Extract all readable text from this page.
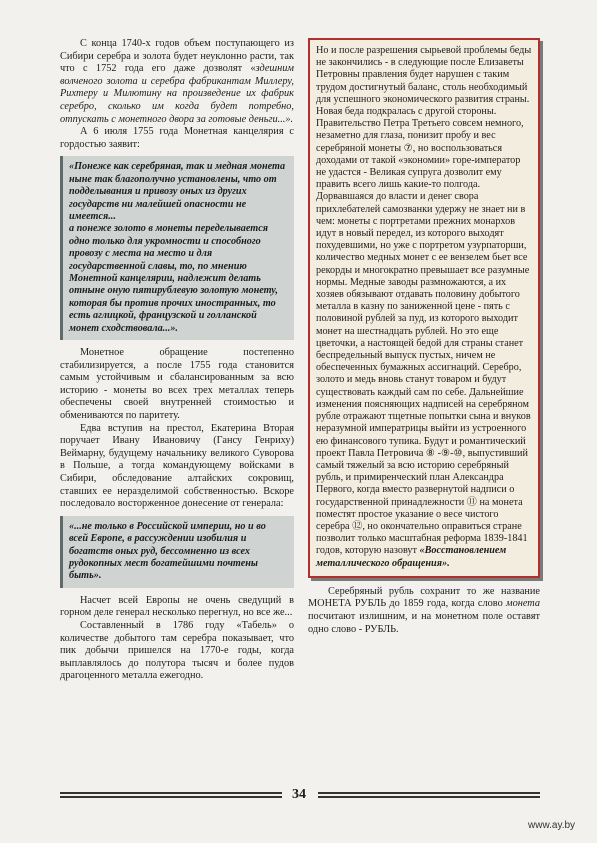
С конца 1740-х годов объем поступающего из Сибири серебра и золота будет неуклонно расти, так что с 1752 года его даже дозволят «здешним волченого золота и серебра фабрикантам Миллеру, Рихтеру и Милютину на произведение их фабрик серебро, сколько им когда будет потребно, отпускать с монетного двора за готовые деньги...».

А 6 июля 1755 года Монетная канцелярия с гордостью заявит:

«Понеже как серебряная, так и медная монета ныне так благополучно установлены, что от подделывания и привозу оных из других государств ни малейшей опасности не имеется...

а понеже золото в монеты переделывается одно только для укромности и способного провозу с места на место и для государственной славы, то, по мнению Монетной канцелярии, надлежит делать отныне оную пятирублевую золотую монету, которая бы против прочих иностранных, то есть аглицкой, французской и голланской монет сходствовала...».

Монетное обращение постепенно стабилизируется, а после 1755 года становится самым устойчивым и сбалансированным за всю историю - монеты во всех трех металлах теперь обеспечены своей внутренней стоимостью и обмениваются по паритету.

Едва вступив на престол, Екатерина Вторая поручает Ивану Ивановичу (Гансу Генриху) Веймарну, будущему начальнику великого Суворова в Польше, а тогда командующему войсками в Сибири, обследование алтайских сокровищ, ставших ее неразделимой собственностью. Вскоре последовало восторженное донесение от генерала:

«...не только в Российской империи, но и во всей Европе, в рассуждении изобилия и богатств оных руд, бессомненно из всех рудокопных мест богатейшими почтены быть».

Насчет всей Европы не очень сведущий в горном деле генерал несколько перегнул, но все же...

Составленный в 1786 году «Табель» о количестве добытого там серебра показывает, что пик добычи пришелся на 1770-е годы, когда выплавлялось до полутора тысяч и более пудов драгоценного металла ежегодно.

Но и после разрешения сырьевой проблемы беды не закончились - в следующие после Елизаветы Петровны правления будет нарушен с таким трудом достигнутый баланс, столь необходимый для успешного экономического развития страны. Новая беда подкралась с другой стороны. Правительство Петра Третьего совсем немного, незаметно для глаза, понизит пробу и вес серебряной монеты ⑦, но воспользоваться доходами от такой «экономии» горе-император не удастся - Великая супруга дозволит ему править всего лишь какие-то полгода. Дорвавшаяся до власти и денег свора прихлебателей самозванки удержу не знает ни в чем: монеты с портретами прежних монархов идут в новый передел, из которого выходят похудевшими, но уже с портретом узурпаторши, количество медных монет с ее вензелем бьет все рекорды и многократно превышает все разумные нормы. Медные заводы размножаются, а их хозяев обязывают отдавать половину добытого металла в казну по заниженной цене - пять с половиной рублей за пуд, из которого выходит монет на шестнадцать рублей. Но это еще цветочки, а настоящей бедой для страны станет беспредельный выпуск пустых, ничем не обеспеченных бумажных ассигнаций. Серебро, золото и медь вновь станут товаром и будут существовать каждый сам по себе. Дальнейшие изменения поясняющих надписей на серебряном рубле отражают тщетные попытки сына и внуков неразумной императрицы выйти из устроенного ею финансового тупика. Будут и романтический проект Павла Петровича ⑧ -⑨-⑩, выпустивший самый тяжелый за всю историю серебряный рубль, и примиренческий план Александра Первого, когда вместо развернутой надписи о государственной принадлежности ⑪ на монета поместят простое указание о весе чистого серебра ⑫, но окончательно оправиться стране позволит только масштабная реформа 1839-1841 годов, которую назовут «Восстановлением металлического обращения».

Серебряный рубль сохранит то же название МОНЕТА РУБЛЬ до 1859 года, когда слово монета посчитают излишним, и на монетном поле оставят одно слово - РУБЛЬ.

34
www.ay.by
